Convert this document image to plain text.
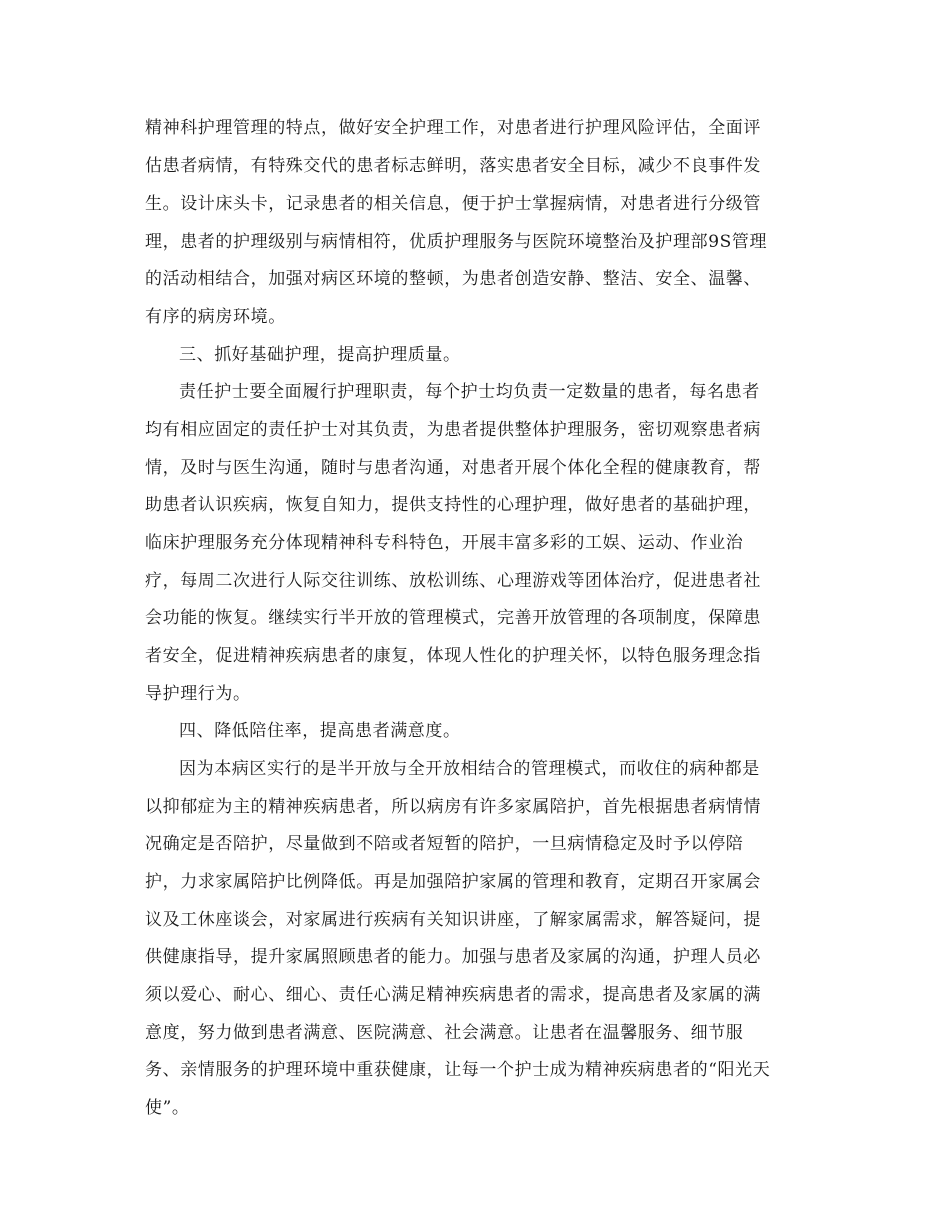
精神科护理管理的特点，做好安全护理工作，对患者进行护理风险评估，全面评

估患者病情，有特殊交代的患者标志鲜明，落实患者安全目标，减少不良事件发

生。设计床头卡，记录患者的相关信息，便于护士掌握病情，对患者进行分级管

理，患者的护理级别与病情相符，优质护理服务与医院环境整治及护理部9S管理

的活动相结合，加强对病区环境的整顿，为患者创造安静、整洁、安全、温馨、

有序的病房环境。

三、抓好基础护理，提高护理质量。

责任护士要全面履行护理职责，每个护士均负责一定数量的患者，每名患者

均有相应固定的责任护士对其负责，为患者提供整体护理服务，密切观察患者病

情，及时与医生沟通，随时与患者沟通，对患者开展个体化全程的健康教育，帮

助患者认识疾病，恢复自知力，提供支持性的心理护理，做好患者的基础护理，

临床护理服务充分体现精神科专科特色，开展丰富多彩的工娱、运动、作业治

疗，每周二次进行人际交往训练、放松训练、心理游戏等团体治疗，促进患者社

会功能的恢复。继续实行半开放的管理模式，完善开放管理的各项制度，保障患

者安全，促进精神疾病患者的康复，体现人性化的护理关怀，以特色服务理念指

导护理行为。

四、降低陪住率，提高患者满意度。

因为本病区实行的是半开放与全开放相结合的管理模式，而收住的病种都是

以抑郁症为主的精神疾病患者，所以病房有许多家属陪护，首先根据患者病情情

况确定是否陪护，尽量做到不陪或者短暂的陪护，一旦病情稳定及时予以停陪

护，力求家属陪护比例降低。再是加强陪护家属的管理和教育，定期召开家属会

议及工休座谈会，对家属进行疾病有关知识讲座，了解家属需求，解答疑问，提

供健康指导，提升家属照顾患者的能力。加强与患者及家属的沟通，护理人员必

须以爱心、耐心、细心、责任心满足精神疾病患者的需求，提高患者及家属的满

意度，努力做到患者满意、医院满意、社会满意。让患者在温馨服务、细节服

务、亲情服务的护理环境中重获健康，让每一个护士成为精神疾病患者的“阳光天

使”。
